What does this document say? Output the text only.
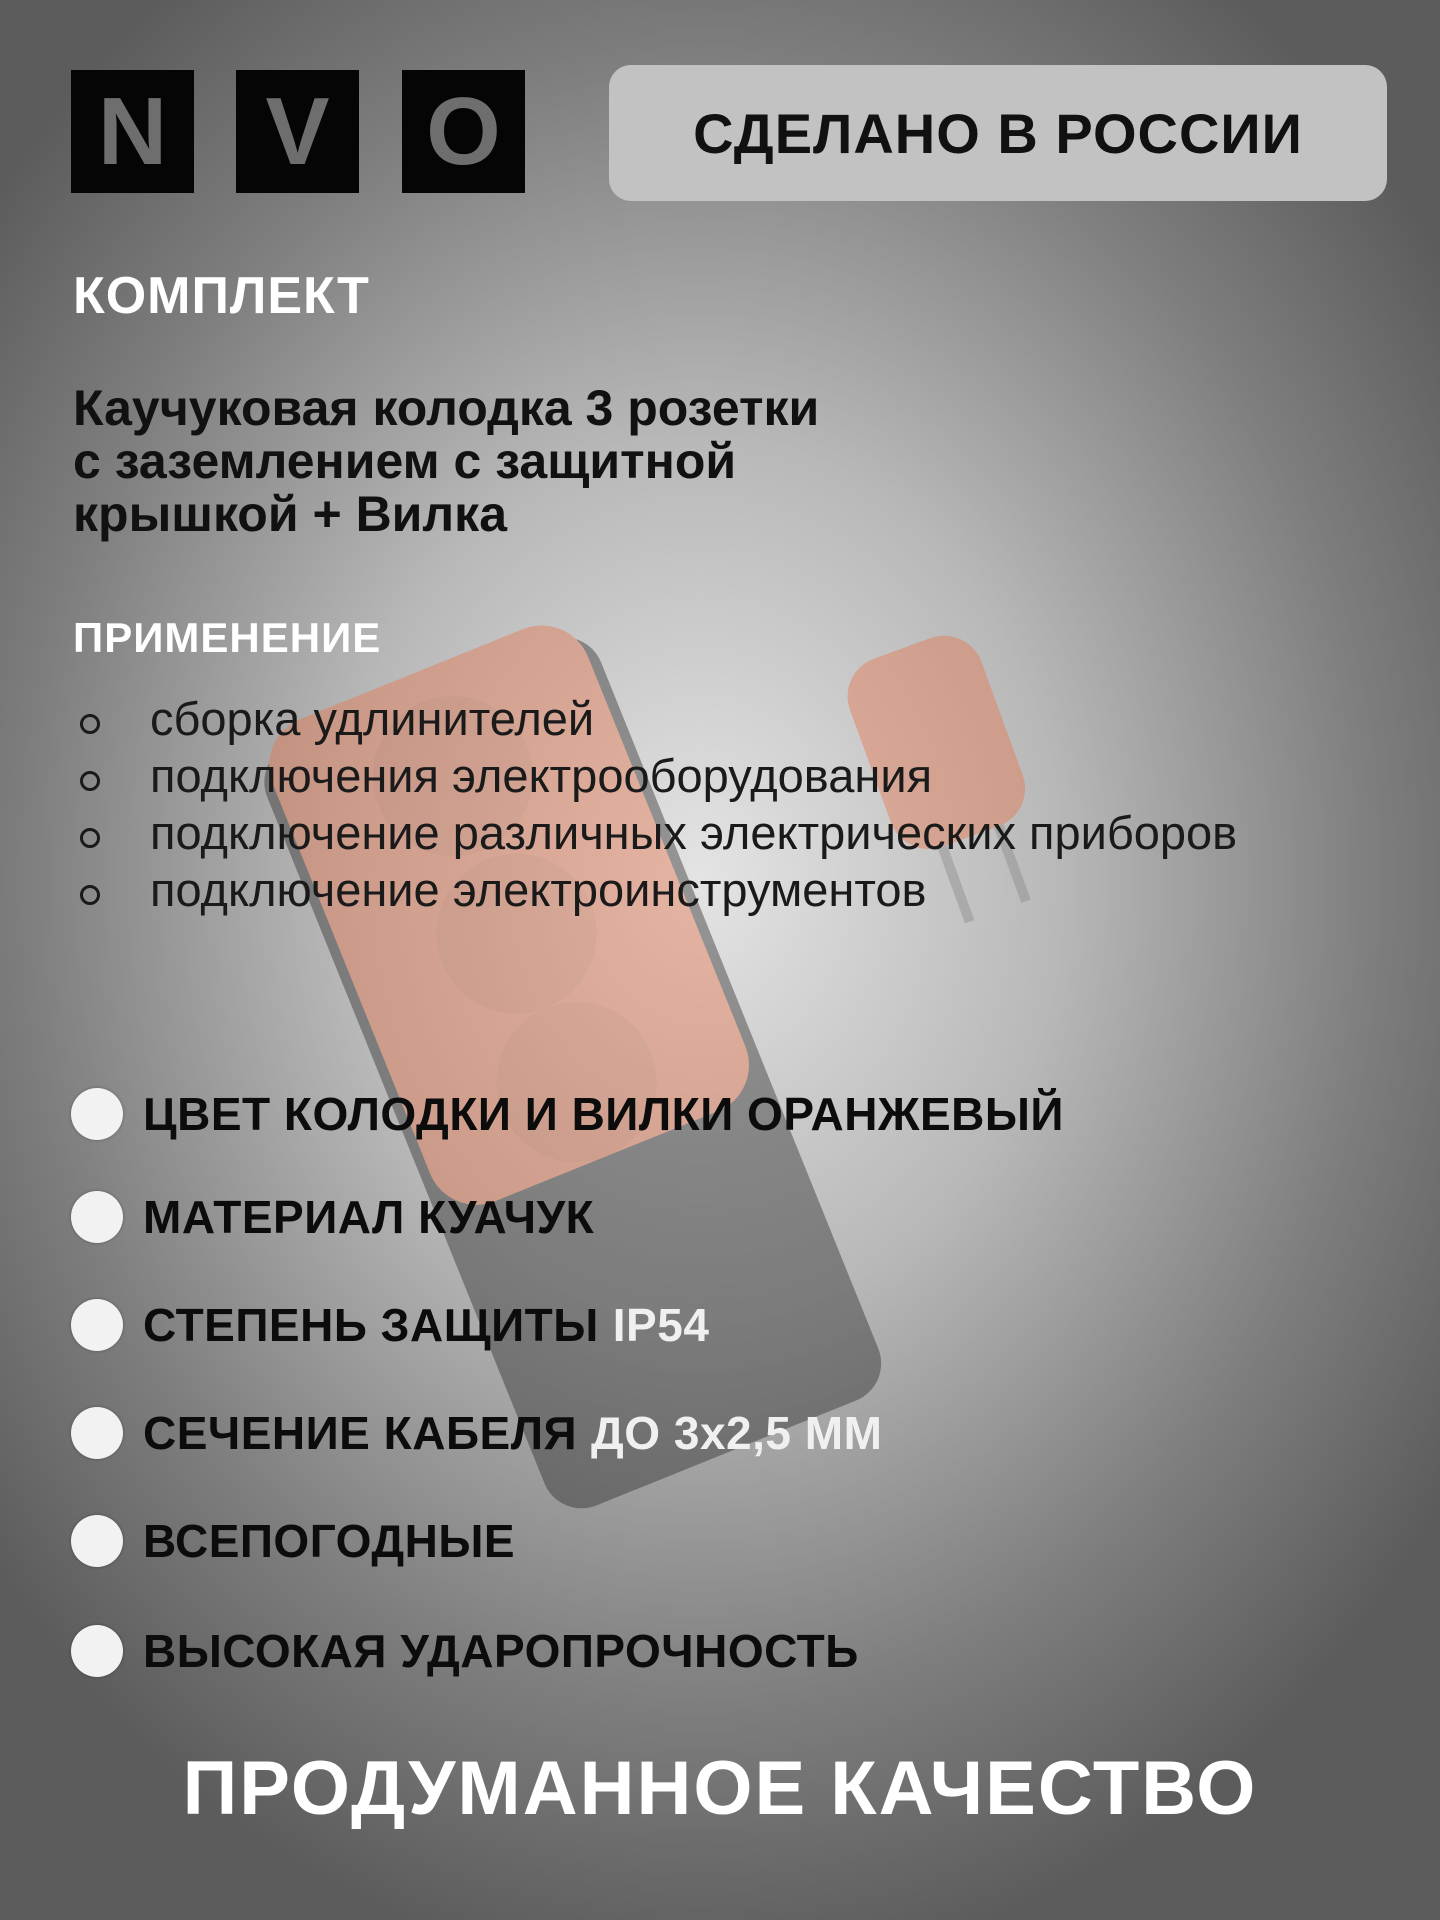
N	V	O	СДЕЛАНО В РОССИИ
КОМПЛЕКТ
Каучуковая колодка 3 розетки
с заземлением с защитной
крышкой + Вилка
ПРИМЕНЕНИЕ
сборка удлинителей
подключения электрооборудования
подключение различных электрических приборов
подключение электроинструментов
ЦВЕТ КОЛОДКИ И ВИЛКИ ОРАНЖЕВЫЙ
МАТЕРИАЛ КУАЧУК
СТЕПЕНЬ ЗАЩИТЫ IP54
СЕЧЕНИЕ КАБЕЛЯ ДО 3х2,5 ММ
ВСЕПОГОДНЫЕ
ВЫСОКАЯ УДАРОПРОЧНОСТЬ
ПРОДУМАННОЕ КАЧЕСТВО
